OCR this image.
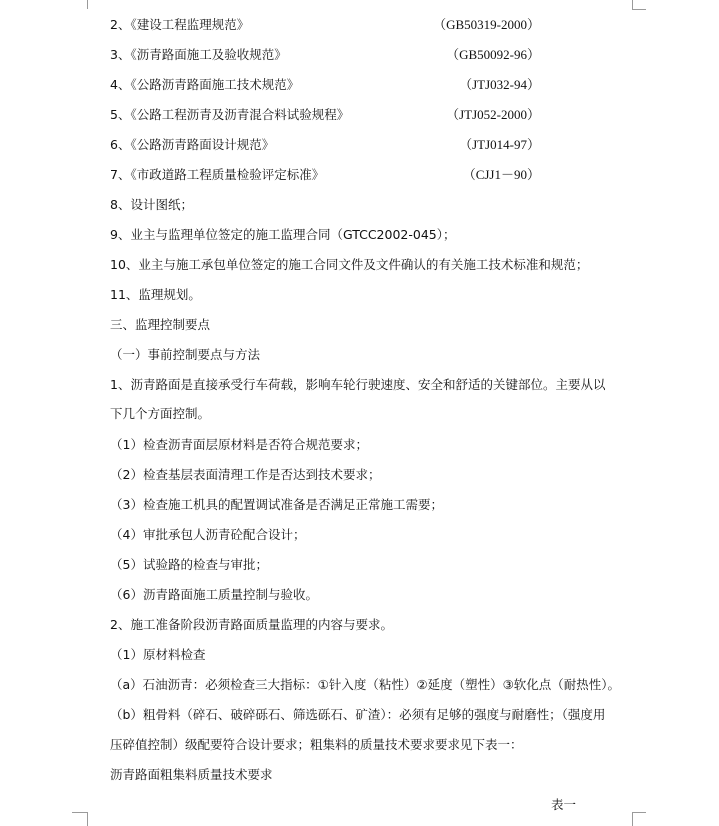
2、《建设工程监理规范》	（GB50319-2000）
3、《沥青路面施工及验收规范》	（GB50092-96）
4、《公路沥青路面施工技术规范》	（JTJ032-94）
5、《公路工程沥青及沥青混合料试验规程》	（JTJ052-2000）
6、《公路沥青路面设计规范》	（JTJ014-97）
7、《市政道路工程质量检验评定标准》	（CJJ1－90）
8、设计图纸；
9、业主与监理单位签定的施工监理合同（GTCC2002-045）；
10、业主与施工承包单位签定的施工合同文件及文件确认的有关施工技术标准和规范；
11、监理规划。
三、监理控制要点
（一）事前控制要点与方法
1、沥青路面是直接承受行车荷载，影响车轮行驶速度、安全和舒适的关键部位。主要从以
下几个方面控制。
（1）检查沥青面层原材料是否符合规范要求；
（2）检查基层表面清理工作是否达到技术要求；
（3）检查施工机具的配置调试准备是否满足正常施工需要；
（4）审批承包人沥青砼配合设计；
（5）试验路的检查与审批；
（6）沥青路面施工质量控制与验收。
2、施工准备阶段沥青路面质量监理的内容与要求。
（1）原材料检查
（a）石油沥青：必须检查三大指标：①针入度（粘性）②延度（塑性）③软化点（耐热性）。
（b）粗骨料（碎石、破碎砾石、筛选砾石、矿渣）：必须有足够的强度与耐磨性；（强度用
压碎值控制）级配要符合设计要求；粗集料的质量技术要求要求见下表一：
沥青路面粗集料质量技术要求
表一
